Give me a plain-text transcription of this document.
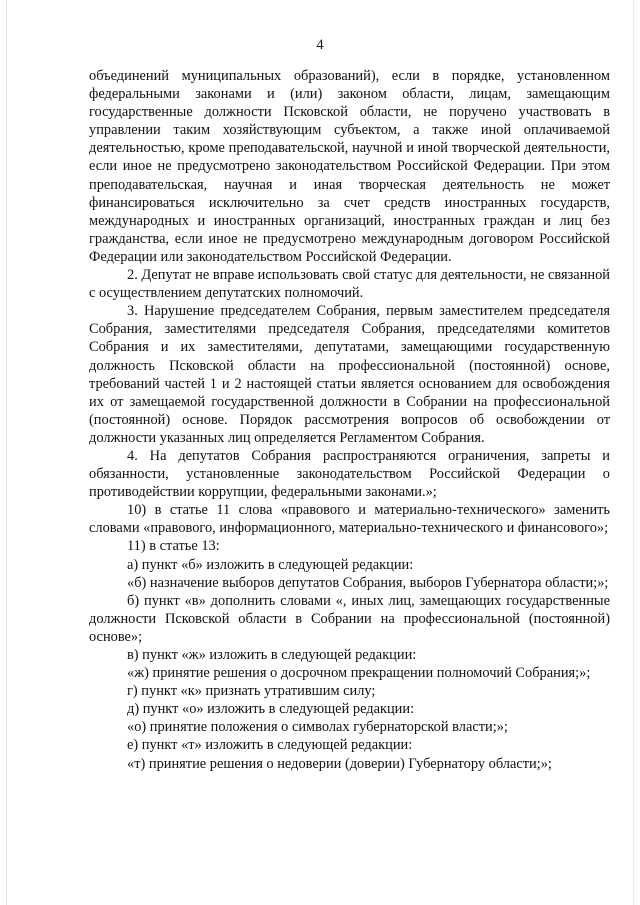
4

объединений муниципальных образований), если в порядке, установленном федеральными законами и (или) законом области, лицам, замещающим государственные должности Псковской области, не поручено участвовать в управлении таким хозяйствующим субъектом, а также иной оплачиваемой деятельностью, кроме преподавательской, научной и иной творческой деятельности, если иное не предусмотрено законодательством Российской Федерации. При этом преподавательская, научная и иная творческая деятельность не может финансироваться исключительно за счет средств иностранных государств, международных и иностранных организаций, иностранных граждан и лиц без гражданства, если иное не предусмотрено международным договором Российской Федерации или законодательством Российской Федерации.

2. Депутат не вправе использовать свой статус для деятельности, не связанной с осуществлением депутатских полномочий.

3. Нарушение председателем Собрания, первым заместителем председателя Собрания, заместителями председателя Собрания, председателями комитетов Собрания и их заместителями, депутатами, замещающими государственную должность Псковской области на профессиональной (постоянной) основе, требований частей 1 и 2 настоящей статьи является основанием для освобождения их от замещаемой государственной должности в Собрании на профессиональной (постоянной) основе. Порядок рассмотрения вопросов об освобождении от должности указанных лиц определяется Регламентом Собрания.

4. На депутатов Собрания распространяются ограничения, запреты и обязанности, установленные законодательством Российской Федерации о противодействии коррупции, федеральными законами.»;

10) в статье 11 слова «правового и материально-технического» заменить словами «правового, информационного, материально-технического и финансового»;

11) в статье 13:

а) пункт «б» изложить в следующей редакции:

«б) назначение выборов депутатов Собрания, выборов Губернатора области;»;

б) пункт «в» дополнить словами «, иных лиц, замещающих государственные должности Псковской области в Собрании на профессиональной (постоянной) основе»;

в) пункт «ж» изложить в следующей редакции:

«ж) принятие решения о досрочном прекращении полномочий Собрания;»;

г) пункт «к» признать утратившим силу;

д) пункт «о» изложить в следующей редакции:

«о) принятие положения о символах губернаторской власти;»;

е) пункт «т» изложить в следующей редакции:

«т) принятие решения о недоверии (доверии) Губернатору области;»;
